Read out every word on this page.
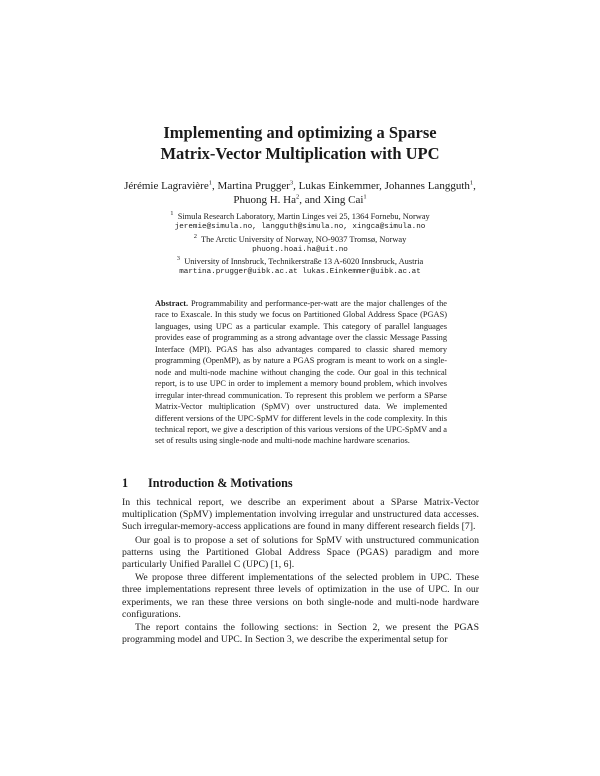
Implementing and optimizing a Sparse
Matrix-Vector Multiplication with UPC
Jérémie Lagravière$^1$, Martina Prugger$^3$, Lukas Einkemmer, Johannes Langguth$^1$,
Phuong H. Ha$^2$, and Xing Cai$^1$
$^1$ Simula Research Laboratory, Martin Linges vei 25, 1364 Fornebu, Norway
jeremie@simula.no, langguth@simula.no, xingca@simula.no
$^2$ The Arctic University of Norway, NO-9037 Tromsø, Norway
phuong.hoai.ha@uit.no
$^3$ University of Innsbruck, Technikerstraße 13 A-6020 Innsbruck, Austria
martina.prugger@uibk.ac.at lukas.Einkemmer@uibk.ac.at
Abstract. Programmability and performance-per-watt are the major challenges of the race to Exascale. In this study we focus on Partitioned Global Address Space (PGAS) languages, using UPC as a particular example. This category of parallel languages provides ease of programming as a strong advantage over the classic Message Passing Interface (MPI). PGAS has also advantages compared to classic shared memory programming (OpenMP), as by nature a PGAS program is meant to work on a single-node and multi-node machine without changing the code. Our goal in this technical report, is to use UPC in order to implement a memory bound problem, which involves irregular inter-thread communication. To represent this problem we perform a SParse Matrix-Vector multiplication (SpMV) over unstructured data. We implemented different versions of the UPC-SpMV for different levels in the code complexity. In this technical report, we give a description of this various versions of the UPC-SpMV and a set of results using single-node and multi-node machine hardware scenarios.
1 Introduction & Motivations

In this technical report, we describe an experiment about a SParse Matrix-Vector multiplication (SpMV) implementation involving irregular and unstructured data accesses. Such irregular-memory-access applications are found in many different research fields [7].

Our goal is to propose a set of solutions for SpMV with unstructured communication patterns using the Partitioned Global Address Space (PGAS) paradigm and more particularly Unified Parallel C (UPC) [1, 6].

We propose three different implementations of the selected problem in UPC. These three implementations represent three levels of optimization in the use of UPC. In our experiments, we ran these three versions on both single-node and multi-node hardware configurations.

The report contains the following sections: in Section 2, we present the PGAS programming model and UPC. In Section 3, we describe the experimental setup for
